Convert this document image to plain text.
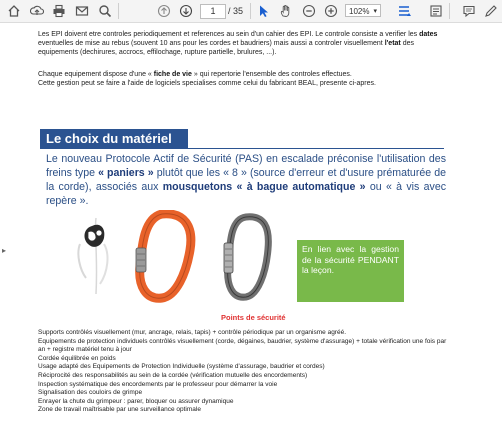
1	/ 35	102% ▾
▸

Les EPI doivent etre controles periodiquement et references au sein d'un cahier des EPI. Le controle consiste a verifier les dates

eventuelles de mise au rebus (souvent 10 ans pour les cordes et baudriers) mais aussi a controler visuellement l'etat des

equipements (dechirures, accrocs, effilochage, rupture partielle, brulures, ...).

Chaque equipement dispose d'une « fiche de vie » qui repertorie l'ensemble des controles effectues.

Cette gestion peut se faire a l'aide de logiciels specialises comme celui du fabricant BEAL, presente ci-apres.

Le choix du matériel
Le nouveau Protocole Actif de Sécurité (PAS) en escalade préconise l'utilisation des freins type « paniers » plutôt que les « 8 » (source d'erreur et d'usure prématurée de la corde), associés aux mousquetons « à bague automatique » ou « à vis avec repère ».
En lien avec la gestion de la sécurité PENDANT la leçon.
Points de sécurité
Supports contrôlés visuellement (mur, ancrage, relais, tapis) + contrôle périodique par un organisme agréé.
Equipements de protection individuels contrôlés visuellement (corde, dégaines, baudrier, système d'assurage) + totale vérification une fois par
an + registre matériel tenu à jour
Cordée équilibrée en poids
Usage adapté des Equipements de Protection Individuelle (système d'assurage, baudrier et cordes)
Réciprocité des responsabilités au sein de la cordée (vérification mutuelle des encordements)
Inspection systématique des encordements par le professeur pour démarrer la voie
Signalisation des couloirs de grimpe
Enrayer la chute du grimpeur : parer, bloquer ou assurer dynamique
Zone de travail maîtrisable par une surveillance optimale
